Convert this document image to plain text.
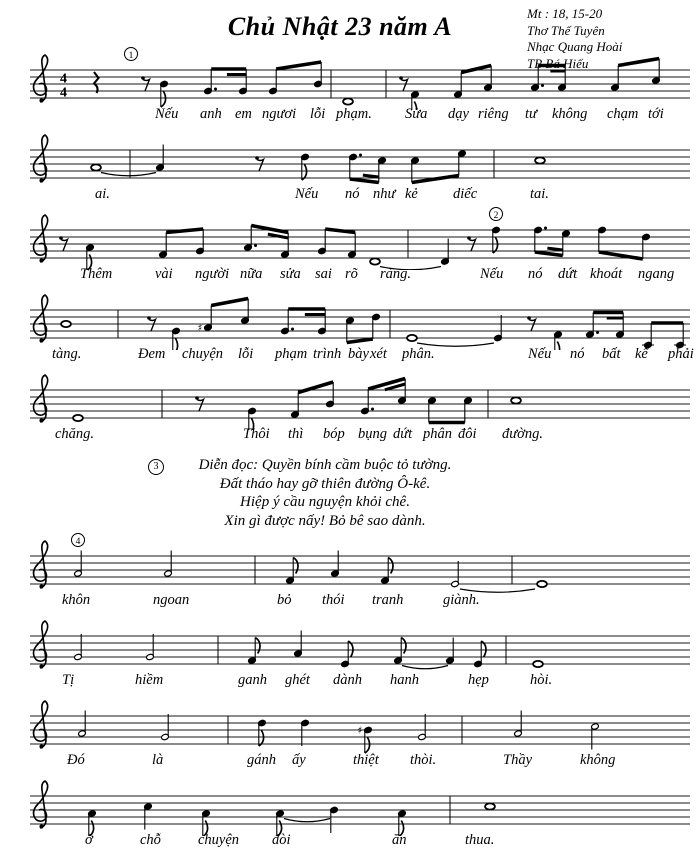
Mt : 18, 15-20
Thơ Thế Tuyên
Nhạc Quang Hoài
TB Bá Hiếu
Chủ Nhật 23 năm A
4
4
1
Nếu anh em ngươi lỗi phạm. Sửa dạy riêng tư không chạm tới
ai.	Nếu nó như kẻ diếc	tai.
2
Thêm	vài người nữa sửa sai rõ ràng.	Nếu nó dứt khoát ngang
♯
tàng.	Đem chuyện lỗi phạm trình bày xét phân.	Nếu nó bất kể phải
chăng.	Thôi thì bóp bụng dứt phân đôi đường.
3	Diễn đọc: Quyền bính cầm buộc tỏ tường.
Đất tháo hay gỡ thiên đường Ô-kê.
Hiệp ý cầu nguyện khỏi chê.
Xin gì được nấy! Bỏ bê sao dành.
4
khôn	ngoan	bỏ thói tranh	giành.
Tị	hiềm	ganh ghét dành hanh	hẹp	hòi.
♯
Đó	là	gánh ấy	thiệt thòi.	Thầy	không
ở	chỗ	chuyện đòi	ăn	thua.
